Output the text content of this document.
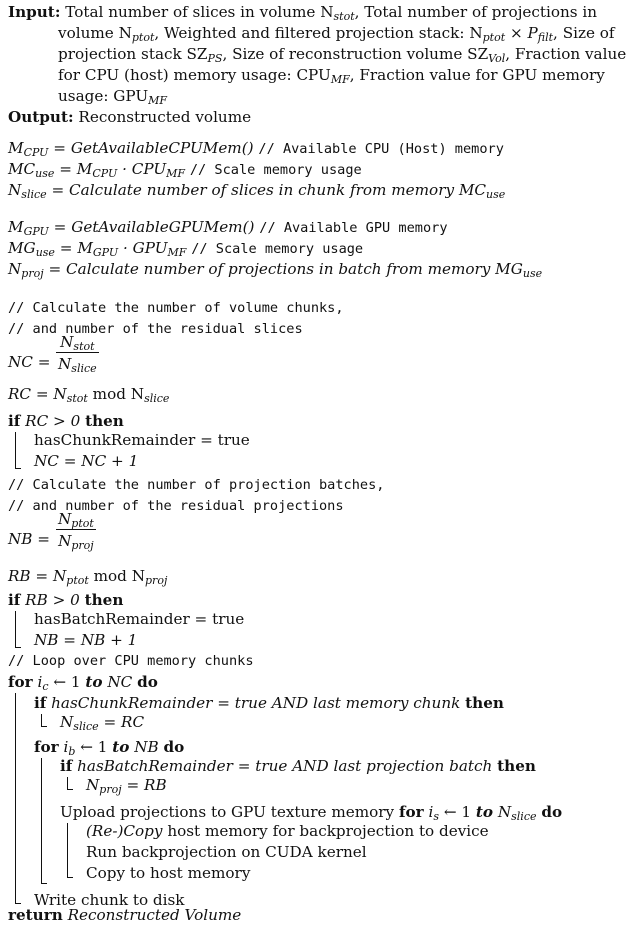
Input: Total number of slices in volume $N_{stot}$, Total number of projections in
volume $N_{ptot}$, Weighted and filtered projection stack: $N_{ptot} \times P_{filt}$, Size of
projection stack $SZ_{PS}$, Size of reconstruction volume $SZ_{Vol}$, Fraction value
for CPU (host) memory usage: $CPU_{MF}$, Fraction value for GPU memory
usage: $GPU_{MF}$
Output: Reconstructed volume
$M_{CPU}$ = GetAvailableCPUMem() // Available CPU (Host) memory
$MC_{use} = M_{CPU} \cdot CPU_{MF}$ // Scale memory usage
$N_{slice}$ = Calculate number of slices in chunk from memory $MC_{use}$
$M_{GPU}$ = GetAvailableGPUMem() // Available GPU memory
$MG_{use} = M_{GPU} \cdot GPU_{MF}$ // Scale memory usage
$N_{proj}$ = Calculate number of projections in batch from memory $MG_{use}$
// Calculate the number of volume chunks,
// and number of the residual slices
NC =
$N_{stot}$
$N_{slice}$
RC = $N_{stot}$ mod $N_{slice}$
if RC > 0 then
hasChunkRemainder = true
NC = NC + 1
// Calculate the number of projection batches,
// and number of the residual projections
NB =
$N_{ptot}$
$N_{proj}$
RB = $N_{ptot}$ mod $N_{proj}$
if RB > 0 then
hasBatchRemainder = true
NB = NB + 1
// Loop over CPU memory chunks
for $i_c$ ← 1 to NC do
if hasChunkRemainder = true AND last memory chunk then
$N_{slice}$ = RC
for $i_b$ ← 1 to NB do
if hasBatchRemainder = true AND last projection batch then
$N_{proj}$ = RB
Upload projections to GPU texture memory for $i_s$ ← 1 to $N_{slice}$ do
(Re-)Copy host memory for backprojection to device
Run backprojection on CUDA kernel
Copy to host memory
Write chunk to disk
return Reconstructed Volume
